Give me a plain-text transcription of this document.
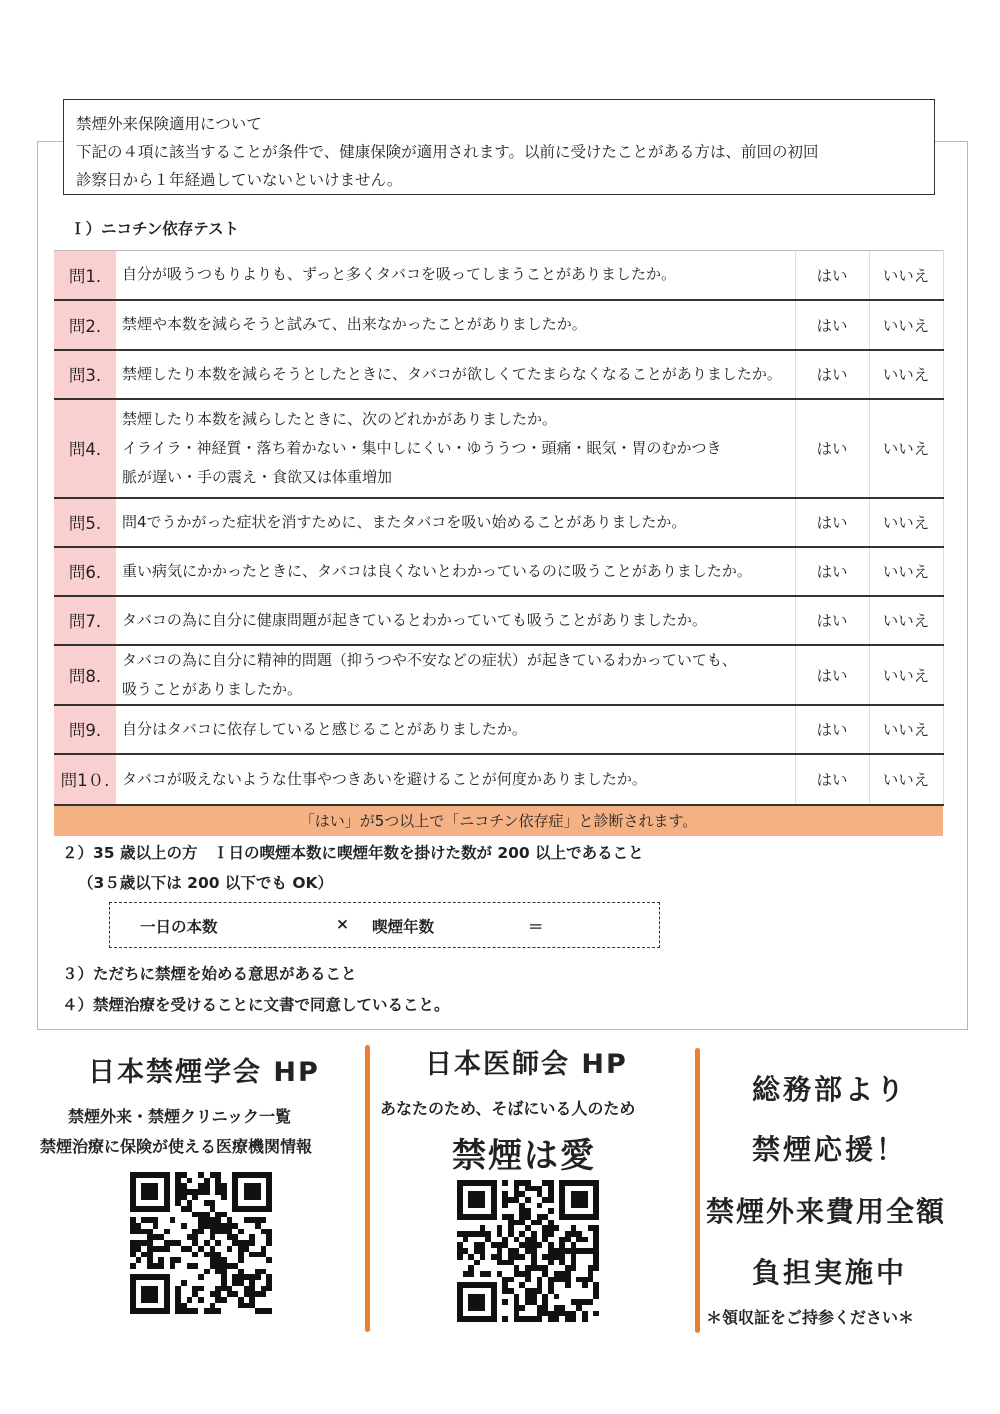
禁煙外来保険適用について
下記の４項に該当することが条件で、健康保険が適用されます。以前に受けたことがある方は、前回の初回
診察日から１年経過していないといけません。
Ｉ）ニコチン依存テスト
問1.	自分が吸うつもりよりも、ずっと多くタバコを吸ってしまうことがありましたか。	はい	いいえ
問2.	禁煙や本数を減らそうと試みて、出来なかったことがありましたか。	はい	いいえ
問3.	禁煙したり本数を減らそうとしたときに、タバコが欲しくてたまらなくなることがありましたか。	はい	いいえ
問4.	禁煙したり本数を減らしたときに、次のどれかがありましたか。
イライラ・神経質・落ち着かない・集中しにくい・ゆううつ・頭痛・眠気・胃のむかつき
脈が遅い・手の震え・食欲又は体重増加	はい	いいえ
問5.	問4でうかがった症状を消すために、またタバコを吸い始めることがありましたか。	はい	いいえ
問6.	重い病気にかかったときに、タバコは良くないとわかっているのに吸うことがありましたか。	はい	いいえ
問7.	タバコの為に自分に健康問題が起きているとわかっていても吸うことがありましたか。	はい	いいえ
問8.	タバコの為に自分に精神的問題（抑うつや不安などの症状）が起きているわかっていても、
吸うことがありましたか。	はい	いいえ
問9.	自分はタバコに依存していると感じることがありましたか。	はい	いいえ
問1０.	タバコが吸えないような仕事やつきあいを避けることが何度かありましたか。	はい	いいえ
「はい」が5つ以上で「ニコチン依存症」と診断されます。			
２）35 歳以上の方　Ｉ日の喫煙本数に喫煙年数を掛けた数が 200 以上であること
（3５歳以下は 200 以下でも OK）
一日の本数	× 喫煙年数	＝
３）ただちに禁煙を始める意思があること
４）禁煙治療を受けることに文書で同意していること。
日本禁煙学会 HP
禁煙外来・禁煙クリニック一覧
禁煙治療に保険が使える医療機関情報
日本医師会 HP
あなたのため、そばにいる人のため
禁煙は愛
総務部より
禁煙応援！
禁煙外来費用全額
負担実施中
＊領収証をご持参ください＊
